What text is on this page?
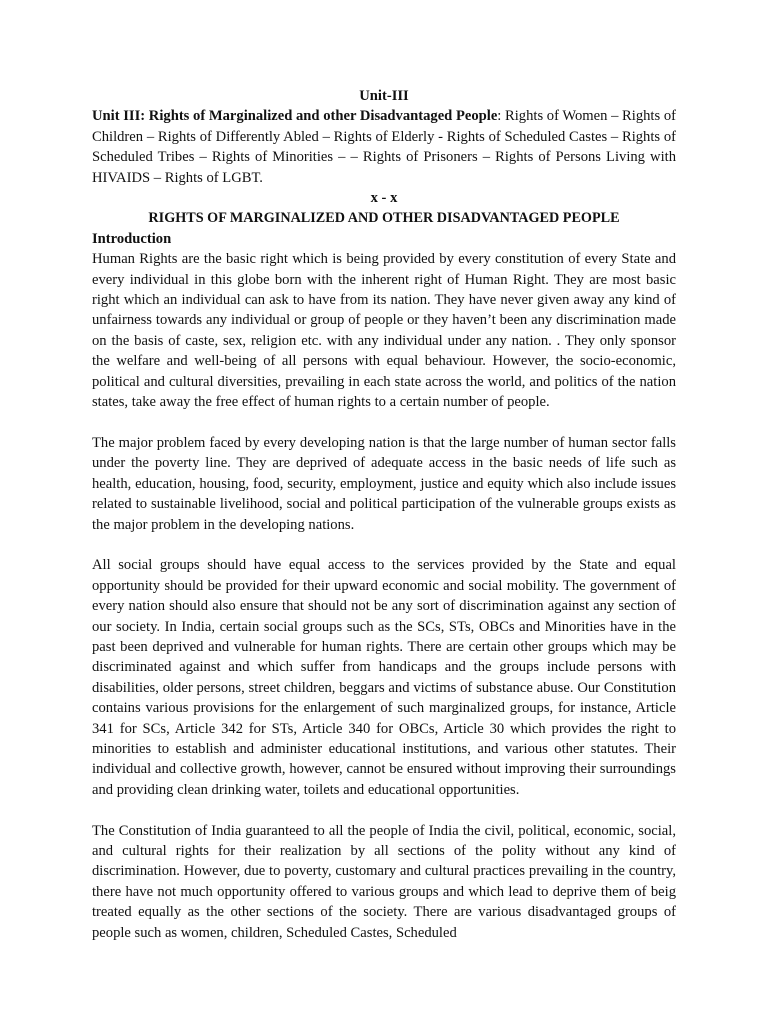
Unit-III
Unit III: Rights of Marginalized and other Disadvantaged People: Rights of Women – Rights of Children – Rights of Differently Abled – Rights of Elderly - Rights of Scheduled Castes – Rights of Scheduled Tribes – Rights of Minorities – – Rights of Prisoners – Rights of Persons Living with HIVAIDS – Rights of LGBT.
x - x
RIGHTS OF MARGINALIZED AND OTHER DISADVANTAGED PEOPLE
Introduction

Human Rights are the basic right which is being provided by every constitution of every State and every individual in this globe born with the inherent right of Human Right. They are most basic right which an individual can ask to have from its nation. They have never given away any kind of unfairness towards any individual or group of people or they haven’t been any discrimination made on the basis of caste, sex, religion etc. with any individual under any nation. . They only sponsor the welfare and well-being of all persons with equal behaviour. However, the socio-economic, political and cultural diversities, prevailing in each state across the world, and politics of the nation states, take away the free effect of human rights to a certain number of people.

The major problem faced by every developing nation is that the large number of human sector falls under the poverty line. They are deprived of adequate access in the basic needs of life such as health, education, housing, food, security, employment, justice and equity which also include issues related to sustainable livelihood, social and political participation of the vulnerable groups exists as the major problem in the developing nations.

All social groups should have equal access to the services provided by the State and equal opportunity should be provided for their upward economic and social mobility. The government of every nation should also ensure that should not be any sort of discrimination against any section of our society. In India, certain social groups such as the SCs, STs, OBCs and Minorities have in the past been deprived and vulnerable for human rights. There are certain other groups which may be discriminated against and which suffer from handicaps and the groups include persons with disabilities, older persons, street children, beggars and victims of substance abuse. Our Constitution contains various provisions for the enlargement of such marginalized groups, for instance, Article 341 for SCs, Article 342 for STs, Article 340 for OBCs, Article 30 which provides the right to minorities to establish and administer educational institutions, and various other statutes. Their individual and collective growth, however, cannot be ensured without improving their surroundings and providing clean drinking water, toilets and educational opportunities.

The Constitution of India guaranteed to all the people of India the civil, political, economic, social, and cultural rights for their realization by all sections of the polity without any kind of discrimination. However, due to poverty, customary and cultural practices prevailing in the country, there have not much opportunity offered to various groups and which lead to deprive them of beig treated equally as the other sections of the society. There are various disadvantaged groups of people such as women, children, Scheduled Castes, Scheduled
